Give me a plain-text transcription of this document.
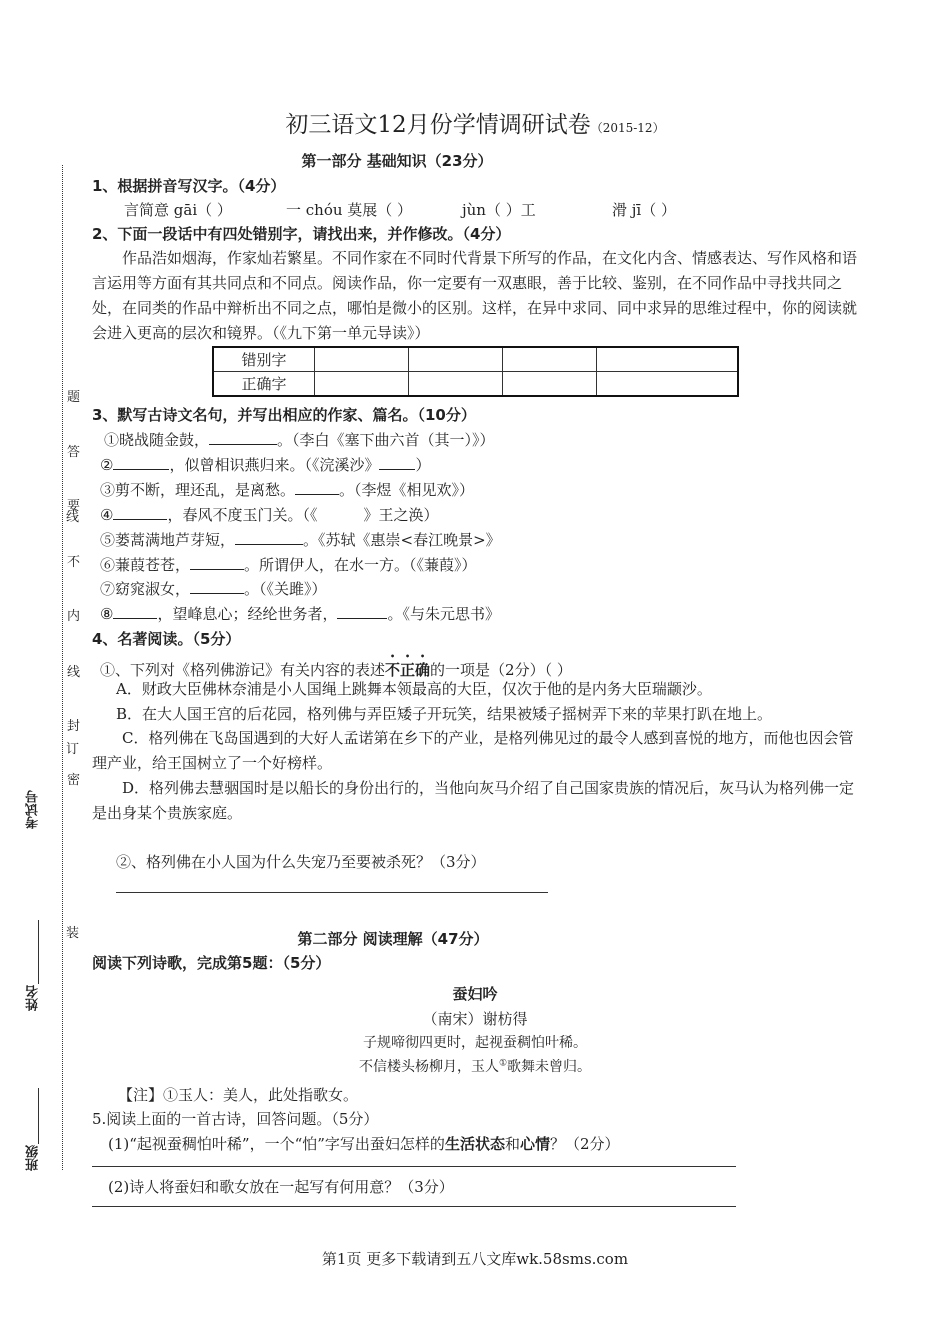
题
答
要
不
内
线
封
密
线
订
装
考试号
姓名
班级
初三语文12月份学情调研试卷（2015-12）
第一部分 基础知识（23分）
1、根据拼音写汉字。（4分）
言简意 gāi（ ）	一 chóu 莫展（ ）	jùn（ ）工	滑 jī（ ）
2、下面一段话中有四处错别字，请找出来，并作修改。（4分）
作品浩如烟海，作家灿若繁星。不同作家在不同时代背景下所写的作品，在文化内含、情感表达、写作风格和语言运用等方面有其共同点和不同点。阅读作品，你一定要有一双惠眼，善于比较、鉴别，在不同作品中寻找共同之处，在同类的作品中辩析出不同之点，哪怕是微小的区别。这样，在异中求同、同中求异的思维过程中，你的阅读就会进入更高的层次和镜界。（《九下第一单元导读》）
错别字				
正确字				
3、默写古诗文名句，并写出相应的作家、篇名。（10分）
①晓战随金鼓，	。（李白《塞下曲六首（其一）》）
②	，似曾相识燕归来。（《浣溪沙》 ）
③剪不断，理还乱，是离愁。	。（李煜《相见欢》）
④	，春风不度玉门关。（《	》王之涣）
⑤蒌蒿满地芦芽短，	。《苏轼《惠崇<春江晚景>》
⑥蒹葭苍苍，	。所谓伊人，在水一方。（《蒹葭》）
⑦窈窕淑女，	。（《关雎》）
⑧	，望峰息心；经纶世务者，	。《与朱元思书》
4、名著阅读。（5分）
①、下列对《格列佛游记》有关内容的表述不正确的一项是（2分）（ ）
A．财政大臣佛林奈浦是小人国绳上跳舞本领最高的大臣，仅次于他的是内务大臣瑞颛沙。
B．在大人国王宫的后花园，格列佛与弄臣矮子开玩笑，结果被矮子摇树弄下来的苹果打趴在地上。
C．格列佛在飞岛国遇到的大好人孟诺第在乡下的产业，是格列佛见过的最令人感到喜悦的地方，而他也因会管理产业，给王国树立了一个好榜样。
D．格列佛去慧骃国时是以船长的身份出行的，当他向灰马介绍了自己国家贵族的情况后，灰马认为格列佛一定是出身某个贵族家庭。
②、格列佛在小人国为什么失宠乃至要被杀死？（3分）
第二部分 阅读理解（47分）
阅读下列诗歌，完成第5题：（5分）
蚕妇吟
（南宋）谢枋得
子规啼彻四更时，起视蚕稠怕叶稀。
不信楼头杨柳月，玉人①歌舞未曾归。
【注】①玉人：美人，此处指歌女。
5.阅读上面的一首古诗，回答问题。（5分）
(1)“起视蚕稠怕叶稀”，一个“怕”字写出蚕妇怎样的生活状态和心情？（2分）
(2)诗人将蚕妇和歌女放在一起写有何用意？（3分）
第1页 更多下载请到五八文库wk.58sms.com
